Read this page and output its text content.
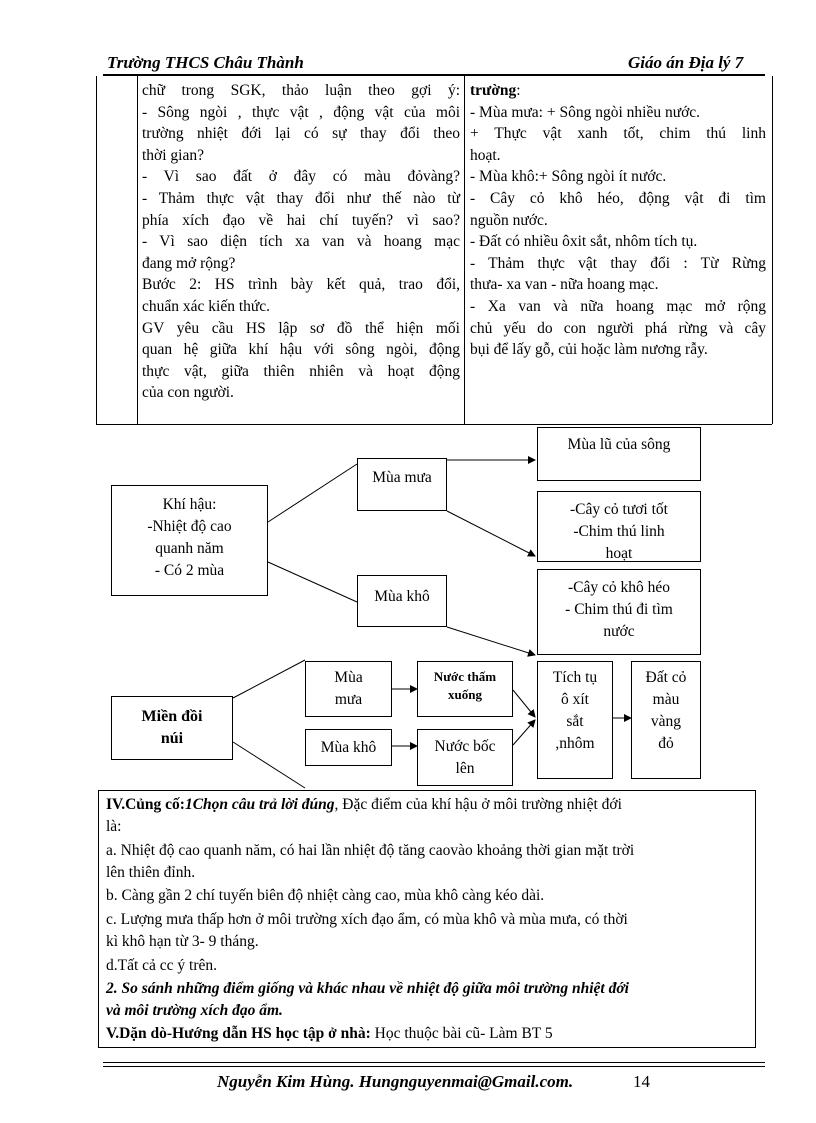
Trường THCS Châu Thành	Giáo án Địa lý 7
chữ trong SGK, thảo luận theo gợi ý:
- Sông ngòi , thực vật , động vật của môi
trường nhiệt đới lại có sự thay đổi theo
thời gian?
- Vì sao đất ở đây có màu đỏvàng?
- Thảm thực vật thay đổi như thế nào từ
phía xích đạo về hai chí tuyến? vì sao?
- Vì sao diện tích xa van và hoang mạc
đang mở rộng?
Bước 2: HS trình bày kết quả, trao đổi,
chuẩn xác kiến thức.
GV yêu cầu HS lập sơ đồ thể hiện mối
quan hệ giữa khí hậu với sông ngòi, động
thực vật, giữa thiên nhiên và hoạt động
của con người.
trường:
- Mùa mưa: + Sông ngòi nhiều nước.
+ Thực vật xanh tốt, chim thú linh
hoạt.
- Mùa khô:+ Sông ngòi ít nước.
- Cây cỏ khô héo, động vật đi tìm
nguồn nước.
- Đất có nhiều ôxit sắt, nhôm tích tụ.
- Thảm thực vật thay đổi : Từ Rừng
thưa- xa van - nữa hoang mạc.
- Xa van và nữa hoang mạc mở rộng
chủ yếu do con người phá rừng và cây
bụi để lấy gỗ, củi hoặc làm nương rẫy.
Khí hậu:
-Nhiệt độ cao
quanh năm
- Có 2 mùa
Mùa mưa
Mùa khô
Mùa lũ của sông
-Cây cỏ tươi tốt
-Chim thú linh
hoạt
-Cây cỏ khô héo
- Chim thú đi tìm
nước
Miền đồi
núi
Mùa
mưa
Mùa khô
Nước thấm
xuống
Nước bốc
lên
Tích tụ
ô xít
sắt
,nhôm
Đất cỏ
màu
vàng
đỏ
IV.Củng cố:1Chọn câu trả lời đúng, Đặc điểm của khí hậu ở môi trường nhiệt đới
là:
a. Nhiệt độ cao quanh năm, có hai lần nhiệt độ tăng caovào khoảng thời gian mặt trời
lên thiên đỉnh.
b. Càng gần 2 chí tuyến biên độ nhiệt càng cao, mùa khô càng kéo dài.
c. Lượng mưa thấp hơn ở môi trường xích đạo ẩm, có mùa khô và mùa mưa, có thời
kì khô hạn từ 3- 9 tháng.
d.Tất cả cc ý trên.
2. So sánh những điểm giống và khác nhau về nhiệt độ giữa môi trường nhiệt đới
và môi trường xích đạo ẩm.
V.Dặn dò-Hướng dẫn HS học tập ở nhà: Học thuộc bài cũ- Làm BT 5
Nguyễn Kim Hùng. Hungnguyenmai@Gmail.com.	14
